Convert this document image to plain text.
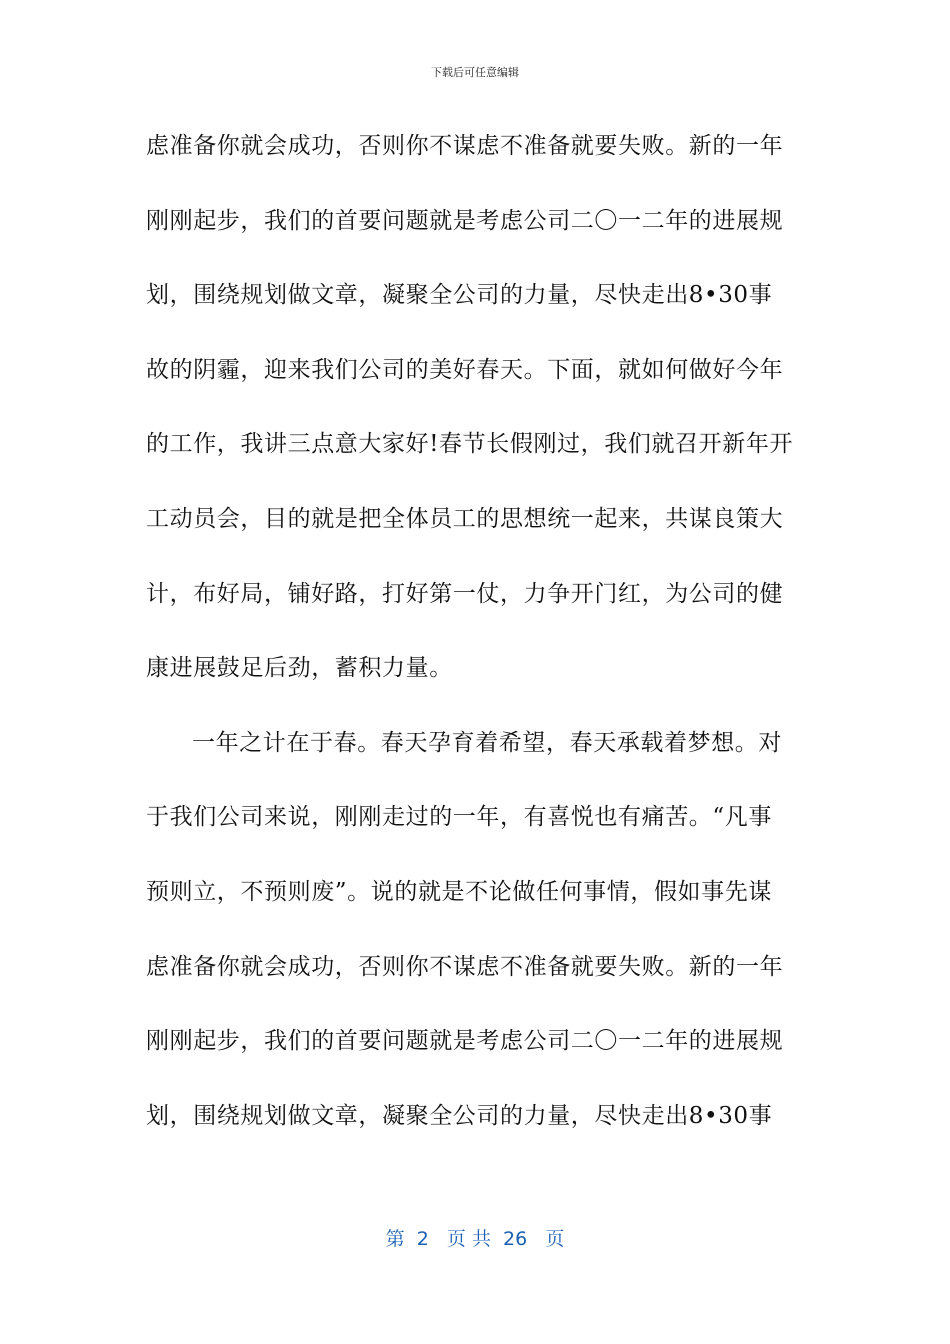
下载后可任意编辑
虑准备你就会成功，否则你不谋虑不准备就要失败。新的一年
刚刚起步，我们的首要问题就是考虑公司二〇一二年的进展规
划，围绕规划做文章，凝聚全公司的力量，尽快走出8•30事
故的阴霾，迎来我们公司的美好春天。下面，就如何做好今年
的工作，我讲三点意大家好!春节长假刚过，我们就召开新年开
工动员会，目的就是把全体员工的思想统一起来，共谋良策大
计，布好局，铺好路，打好第一仗，力争开门红，为公司的健
康进展鼓足后劲，蓄积力量。
一年之计在于春。春天孕育着希望，春天承载着梦想。对
于我们公司来说，刚刚走过的一年，有喜悦也有痛苦。“凡事
预则立，不预则废”。说的就是不论做任何事情，假如事先谋
虑准备你就会成功，否则你不谋虑不准备就要失败。新的一年
刚刚起步，我们的首要问题就是考虑公司二〇一二年的进展规
划，围绕规划做文章，凝聚全公司的力量，尽快走出8•30事
第  2   页 共  26   页
